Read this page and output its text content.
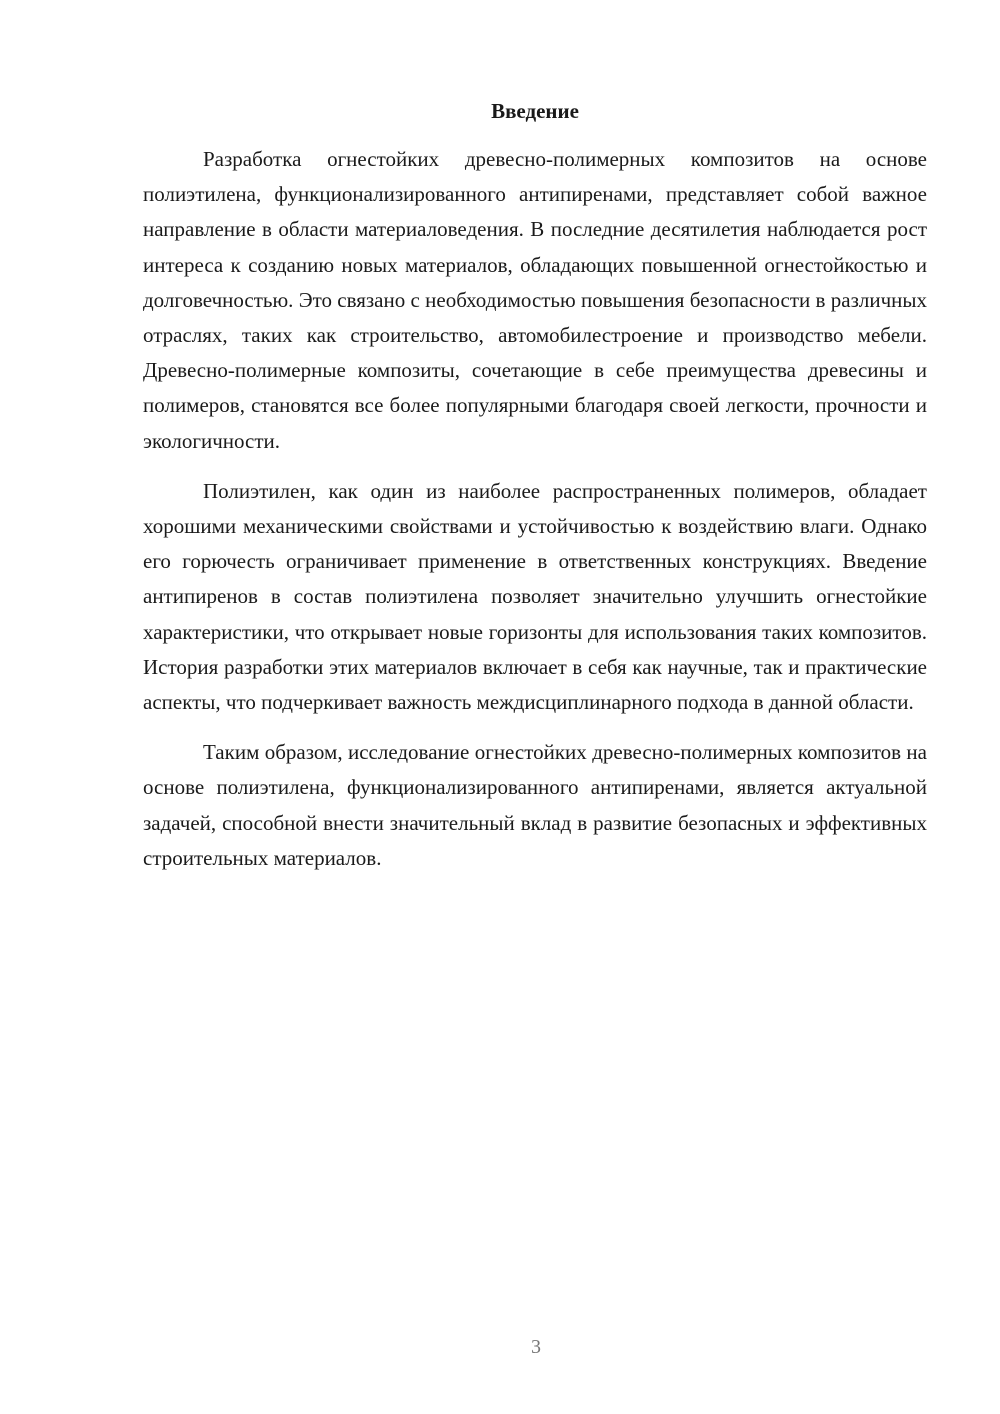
Введение

Разработка огнестойких древесно-полимерных композитов на основе полиэтилена, функционализированного антипиренами, представляет собой важное направление в области материаловедения. В последние десятилетия наблюдается рост интереса к созданию новых материалов, обладающих повышенной огнестойкостью и долговечностью. Это связано с необходимостью повышения безопасности в различных отраслях, таких как строительство, автомобилестроение и производство мебели. Древесно-полимерные композиты, сочетающие в себе преимущества древесины и полимеров, становятся все более популярными благодаря своей легкости, прочности и экологичности.

Полиэтилен, как один из наиболее распространенных полимеров, обладает хорошими механическими свойствами и устойчивостью к воздействию влаги. Однако его горючесть ограничивает применение в ответственных конструкциях. Введение антипиренов в состав полиэтилена позволяет значительно улучшить огнестойкие характеристики, что открывает новые горизонты для использования таких композитов. История разработки этих материалов включает в себя как научные, так и практические аспекты, что подчеркивает важность междисциплинарного подхода в данной области.

Таким образом, исследование огнестойких древесно-полимерных композитов на основе полиэтилена, функционализированного антипиренами, является актуальной задачей, способной внести значительный вклад в развитие безопасных и эффективных строительных материалов.

3
